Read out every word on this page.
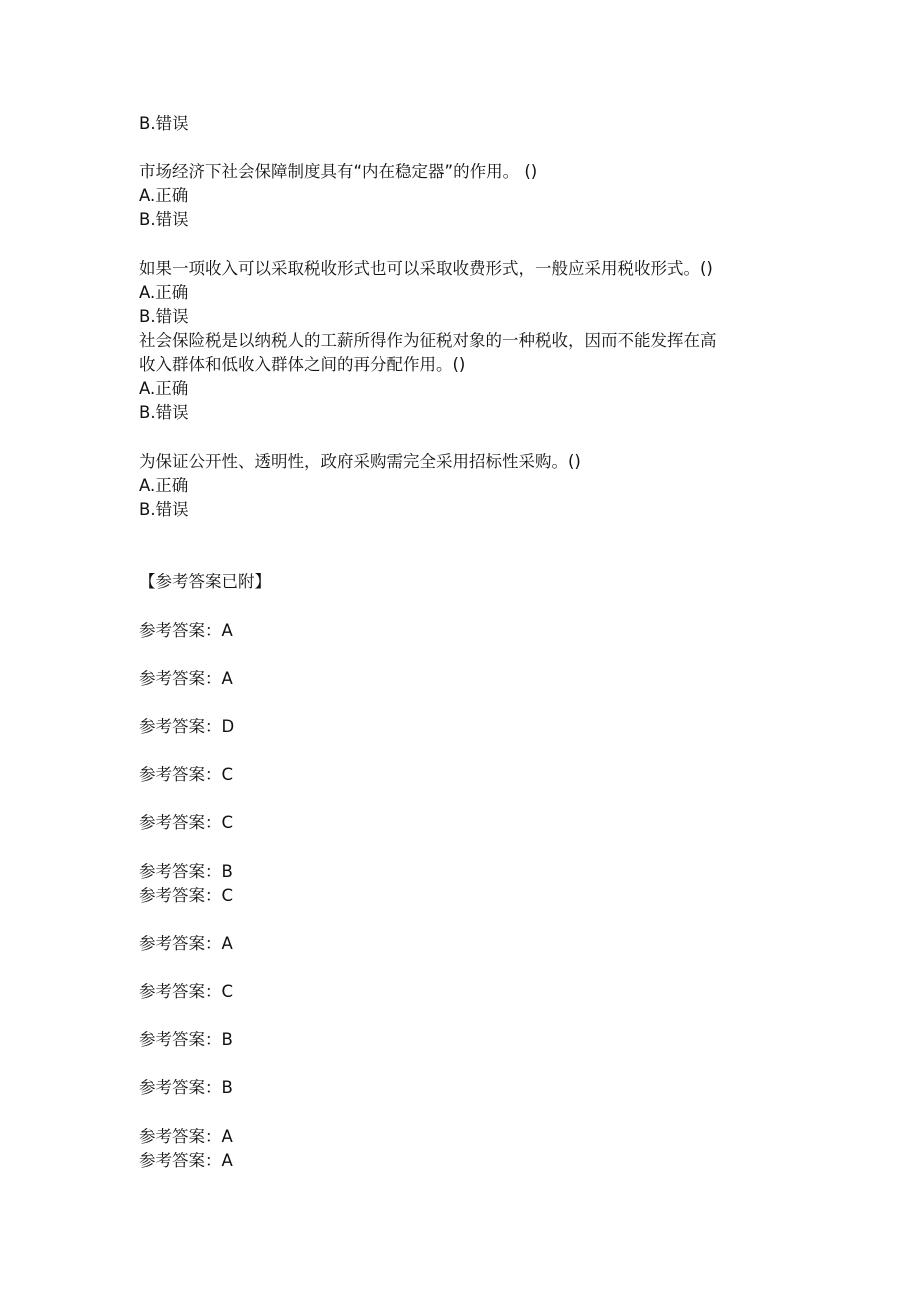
B.错误
市场经济下社会保障制度具有“内在稳定器”的作用。 ()
A.正确
B.错误
如果一项收入可以采取税收形式也可以采取收费形式，一般应采用税收形式。()
A.正确
B.错误
社会保险税是以纳税人的工薪所得作为征税对象的一种税收，因而不能发挥在高
收入群体和低收入群体之间的再分配作用。()
A.正确
B.错误
为保证公开性、透明性，政府采购需完全采用招标性采购。()
A.正确
B.错误
【参考答案已附】
参考答案：A
参考答案：A
参考答案：D
参考答案：C
参考答案：C
参考答案：B
参考答案：C
参考答案：A
参考答案：C
参考答案：B
参考答案：B
参考答案：A
参考答案：A
